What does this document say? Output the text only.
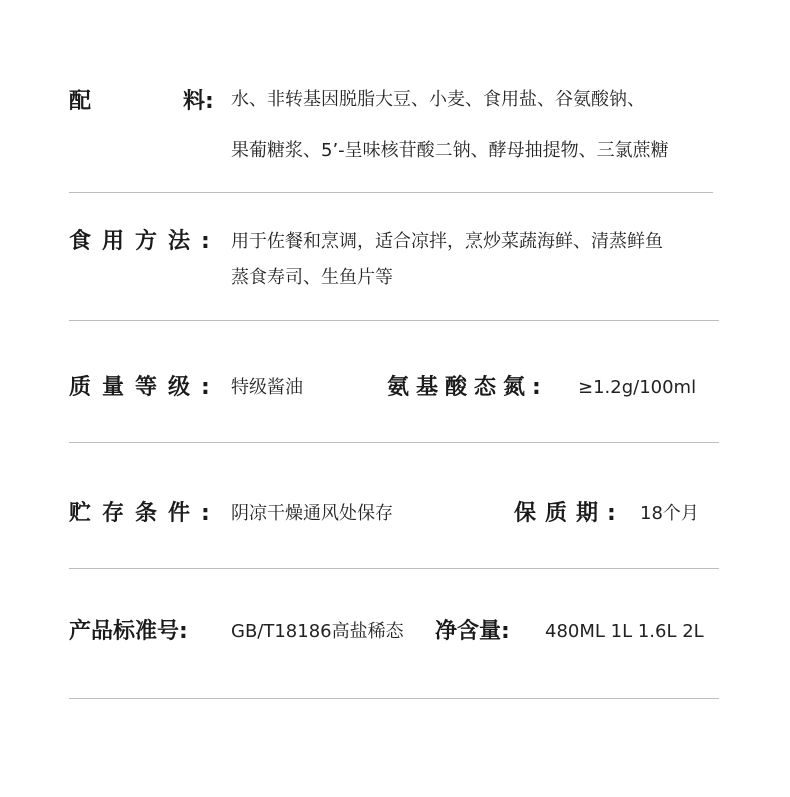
配	料: 水、非转基因脱脂大豆、小麦、食用盐、谷氨酸钠、
果葡糖浆、5’-呈味核苷酸二钠、酵母抽提物、三氯蔗糖
食用方法: 用于佐餐和烹调，适合凉拌，烹炒菜蔬海鲜、清蒸鲜鱼
蒸食寿司、生鱼片等
质量等级: 特级酱油	氨基酸态氮: ≥1.2g/100ml
贮存条件: 阴凉干燥通风处保存	保质期: 18个月
产品标准号: GB/T18186高盐稀态 净含量: 480ML 1L 1.6L 2L
